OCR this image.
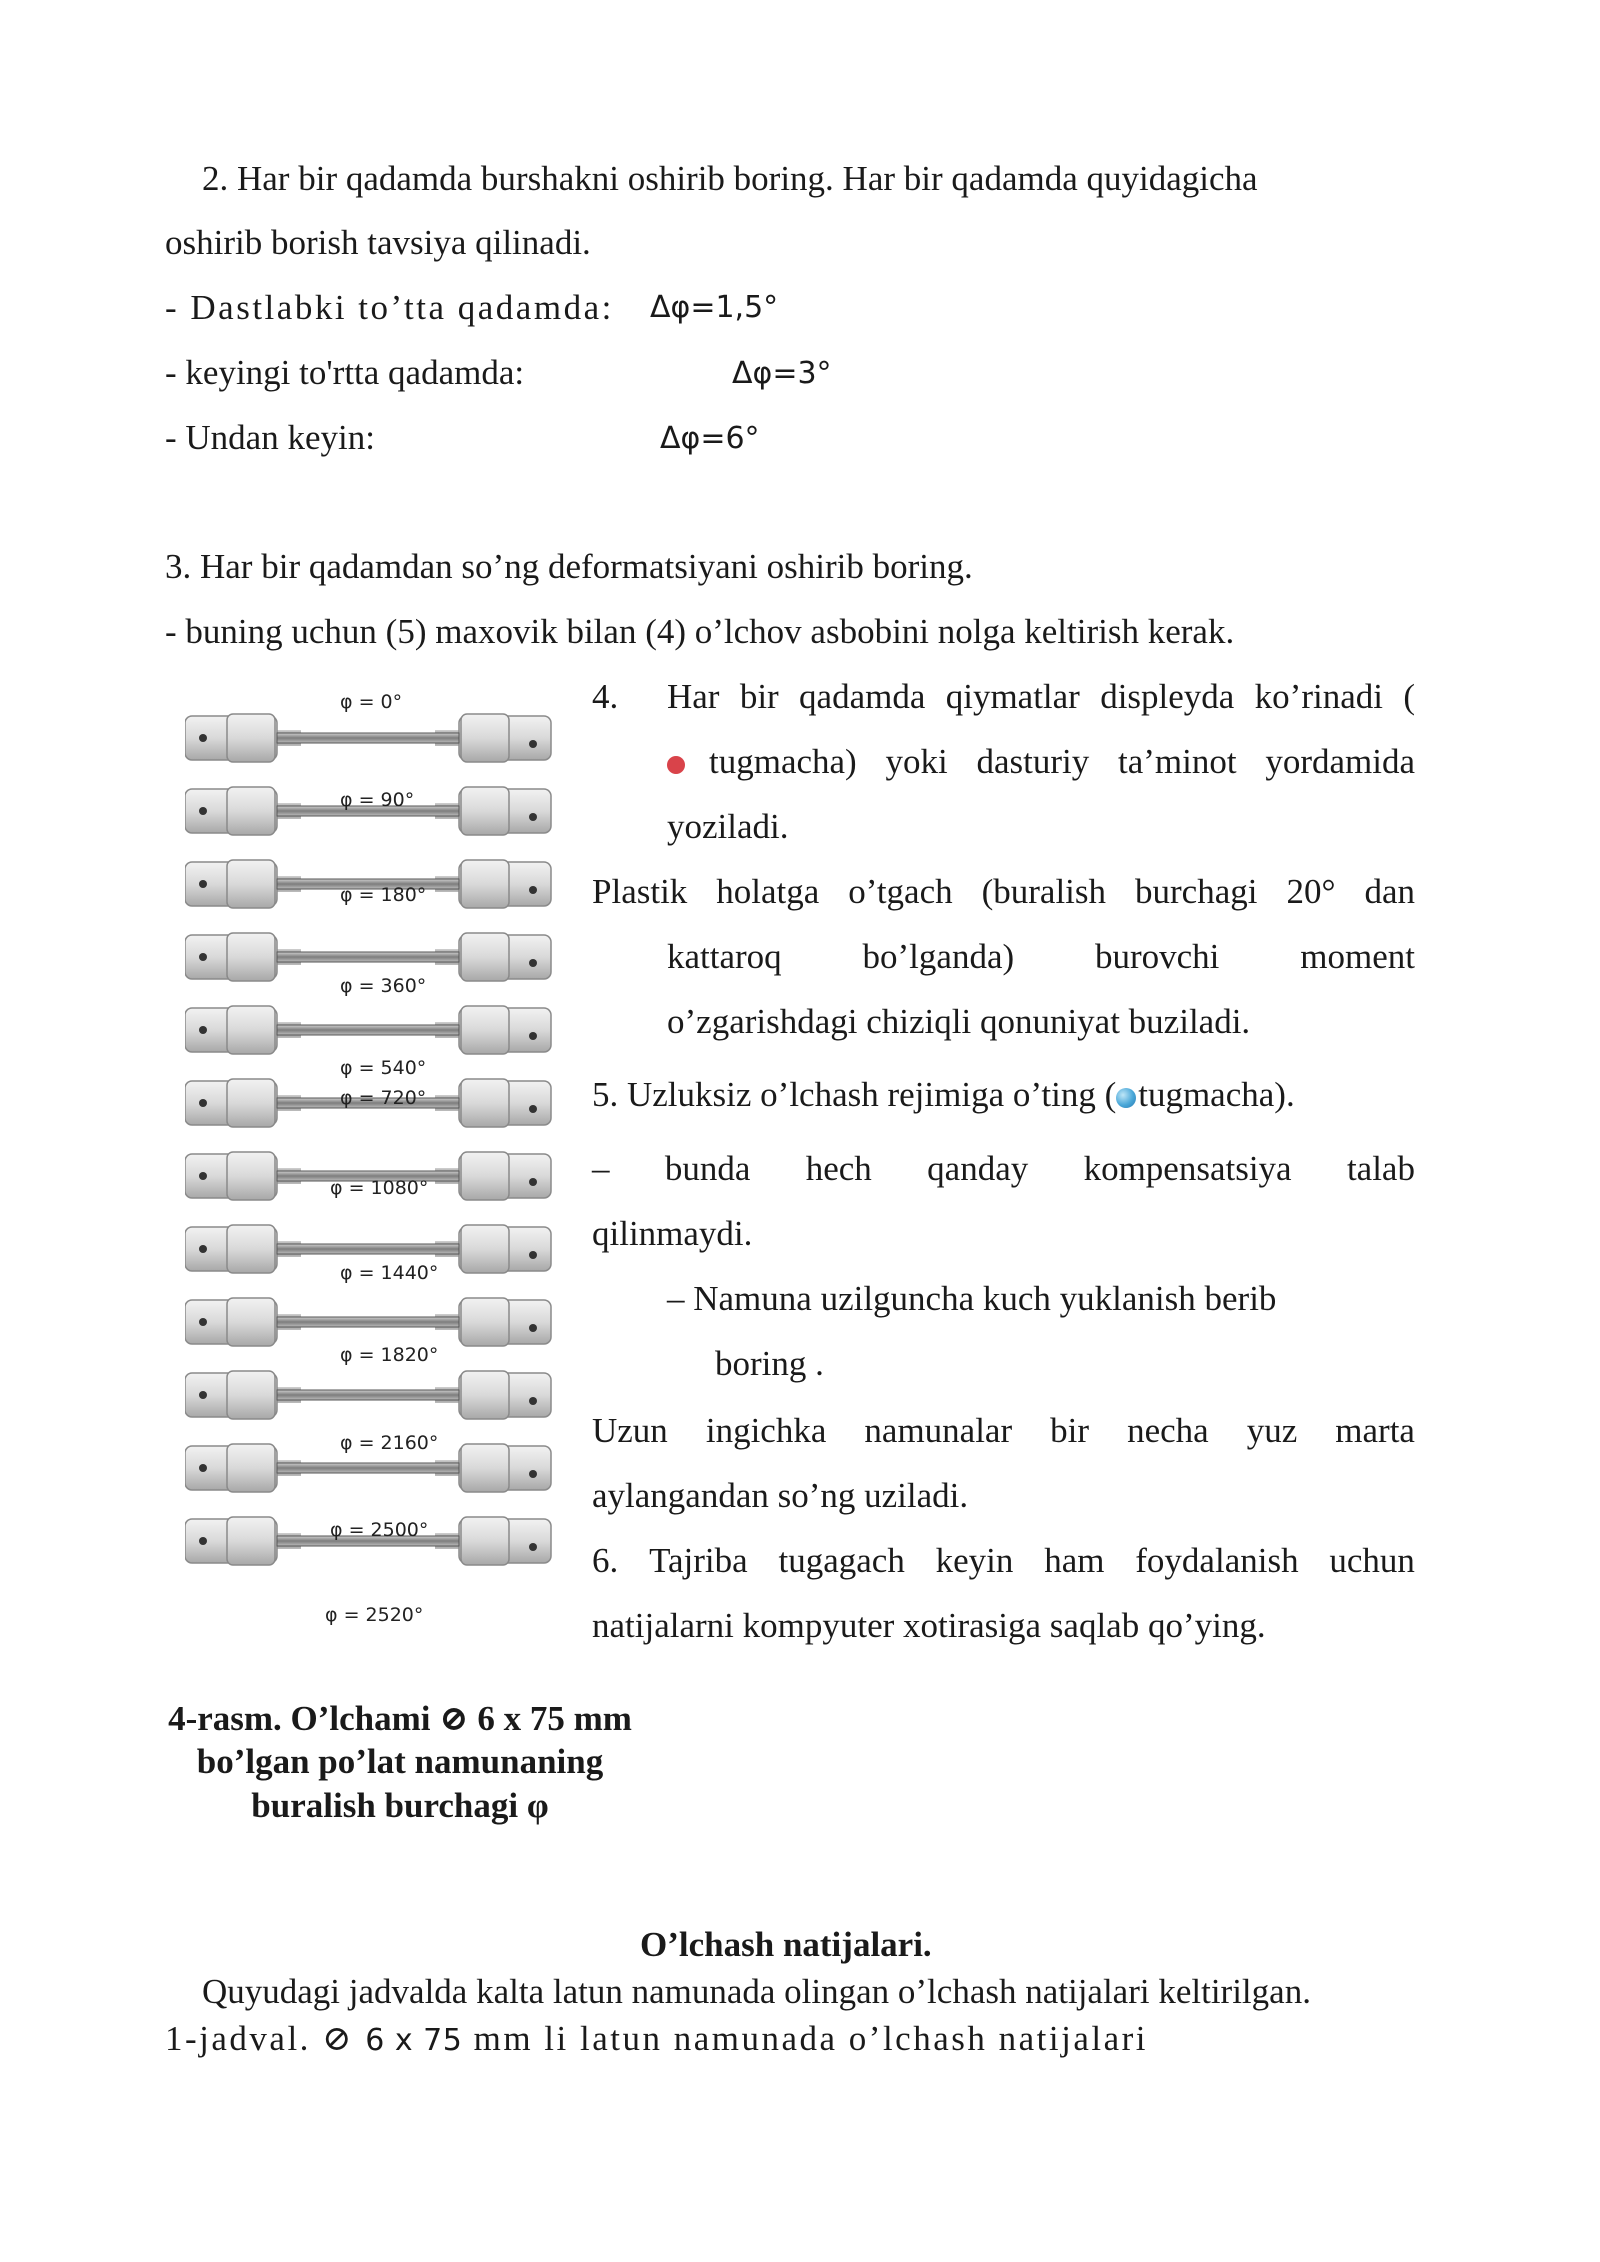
2. Har bir qadamda burshakni oshirib boring. Har bir qadamda quyidagicha
oshirib borish tavsiya qilinadi.
- Dastlabki to’tta qadamda: Δφ=1,5°
- keyingi to'rtta qadamda:	Δφ=3°
- Undan keyin:	Δφ=6°
3. Har bir qadamdan so’ng deformatsiyani oshirib boring.
- buning uchun (5) maxovik bilan (4) o’lchov asbobini nolga keltirish kerak.
φ = 0°
φ = 90°
φ = 180°
φ = 360°
φ = 540°
φ = 720°
φ = 1080°
φ = 1440°
φ = 1820°
φ = 2160°
φ = 2500°
φ = 2520°
4. Har bir qadamda qiymatlar displeyda ko’rinadi (
tugmacha) yoki dasturiy ta’minot yordamida
yoziladi.
Plastik holatga o’tgach (buralish burchagi 20° dan
kattaroq bo’lganda) burovchi moment
o’zgarishdagi chiziqli qonuniyat buziladi.
5. Uzluksiz o’lchash rejimiga o’ting ( tugmacha).
– bunda hech qanday kompensatsiya talab
qilinmaydi.
– Namuna uzilguncha kuch yuklanish berib
boring .
Uzun ingichka namunalar bir necha yuz marta
aylangandan so’ng uziladi.
6. Tajriba tugagach keyin ham foydalanish uchun
natijalarni kompyuter xotirasiga saqlab qo’ying.
4-rasm. O’lchami ⊘ 6 x 75 mm
bo’lgan po’lat namunaning
buralish burchagi φ
O’lchash natijalari.
Quyudagi jadvalda kalta latun namunada olingan o’lchash natijalari keltirilgan.
1-jadval. ⊘ 6 x 75 mm li latun namunada o’lchash natijalari
